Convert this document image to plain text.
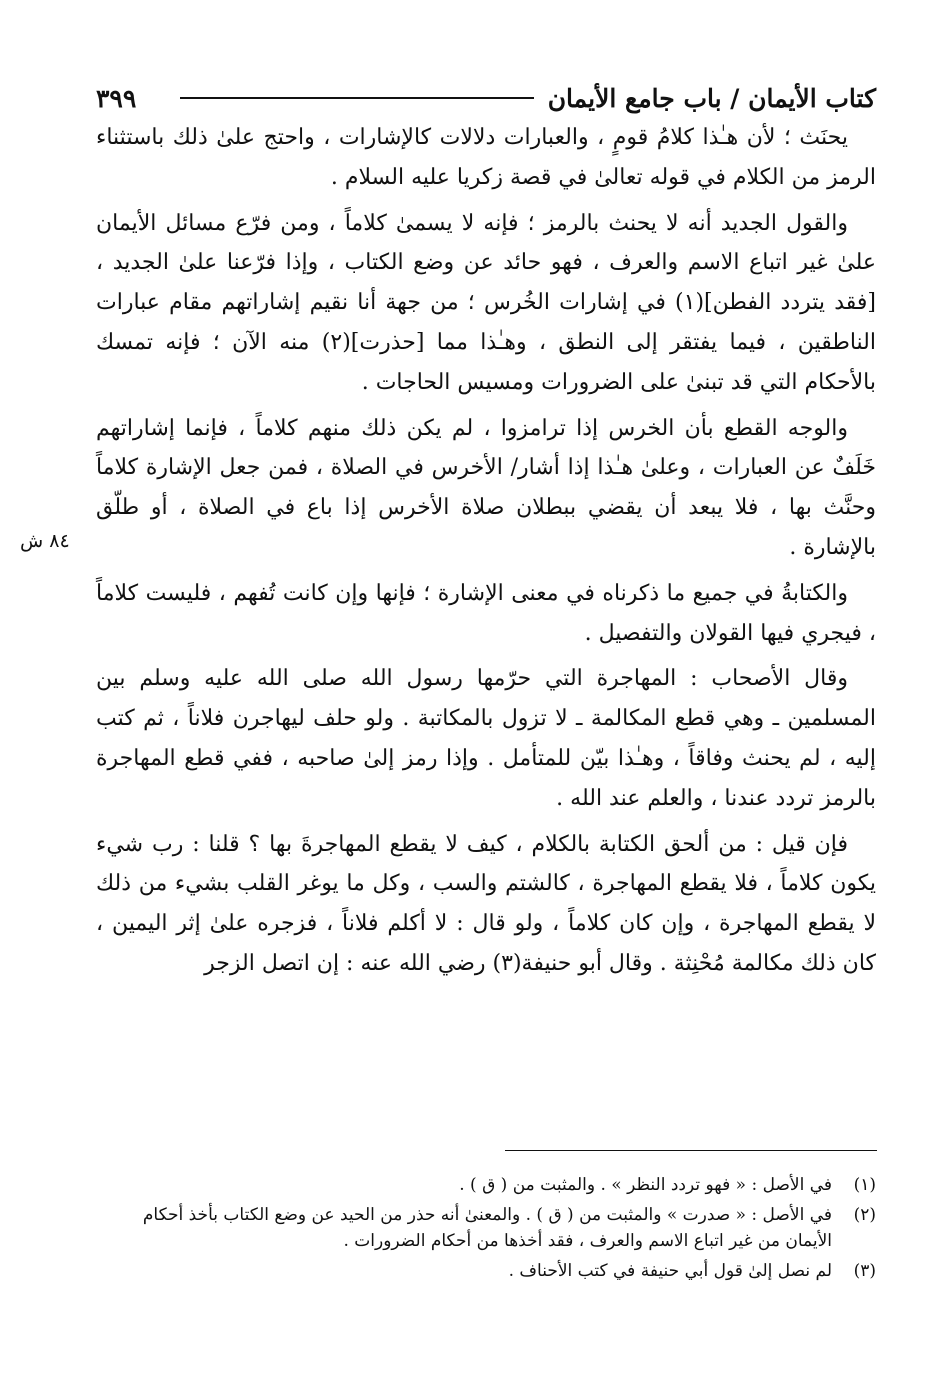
كتاب الأيمان / باب جامع الأيمان
٣٩٩

يحنَث ؛ لأن هـٰذا كلامُ قومٍ ، والعبارات دلالات كالإشارات ، واحتج علىٰ ذلك باستثناء الرمز من الكلام في قوله تعالىٰ في قصة زكريا عليه السلام .

والقول الجديد أنه لا يحنث بالرمز ؛ فإنه لا يسمىٰ كلاماً ، ومن فرّع مسائل الأيمان علىٰ غير اتباع الاسم والعرف ، فهو حائد عن وضع الكتاب ، وإذا فرّعنا علىٰ الجديد ، [فقد يتردد الفطن](١) في إشارات الخُرس ؛ من جهة أنا نقيم إشاراتهم مقام عبارات الناطقين ، فيما يفتقر إلى النطق ، وهـٰذا مما [حذرت](٢) منه الآن ؛ فإنه تمسك بالأحكام التي قد تبنىٰ على الضرورات ومسيس الحاجات .

والوجه القطع بأن الخرس إذا ترامزوا ، لم يكن ذلك منهم كلاماً ، فإنما إشاراتهم خَلَفٌ عن العبارات ، وعلىٰ هـٰذا إذا أشار/ الأخرس في الصلاة ، فمن جعل الإشارة كلاماً وحنَّث بها ، فلا يبعد أن يقضي ببطلان صلاة الأخرس إذا باع في الصلاة ، أو طلّق بالإشارة .

والكتابةُ في جميع ما ذكرناه في معنى الإشارة ؛ فإنها وإن كانت تُفهم ، فليست كلاماً ، فيجري فيها القولان والتفصيل .

وقال الأصحاب : المهاجرة التي حرّمها رسول الله صلى الله عليه وسلم بين المسلمين ـ وهي قطع المكالمة ـ لا تزول بالمكاتبة . ولو حلف ليهاجرن فلاناً ، ثم كتب إليه ، لم يحنث وفاقاً ، وهـٰذا بيّن للمتأمل . وإذا رمز إلىٰ صاحبه ، ففي قطع المهاجرة بالرمز تردد عندنا ، والعلم عند الله .

فإن قيل : من ألحق الكتابة بالكلام ، كيف لا يقطع المهاجرةَ بها ؟ قلنا : رب شيء يكون كلاماً ، فلا يقطع المهاجرة ، كالشتم والسب ، وكل ما يوغر القلب بشيء من ذلك لا يقطع المهاجرة ، وإن كان كلاماً ، ولو قال : لا أكلم فلاناً ، فزجره علىٰ إثر اليمين ، كان ذلك مكالمة مُحْنِثة . وقال أبو حنيفة(٣) رضي الله عنه : إن اتصل الزجر

٨٤ ش
(١)
في الأصل : « فهو تردد النظر » . والمثبت من ( ق ) .
(٢)
في الأصل : « صدرت » والمثبت من ( ق ) . والمعنىٰ أنه حذر من الحيد عن وضع الكتاب بأخذ أحكام الأيمان من غير اتباع الاسم والعرف ، فقد أخذها من أحكام الضرورات .
(٣)
لم نصل إلىٰ قول أبي حنيفة في كتب الأحناف .
